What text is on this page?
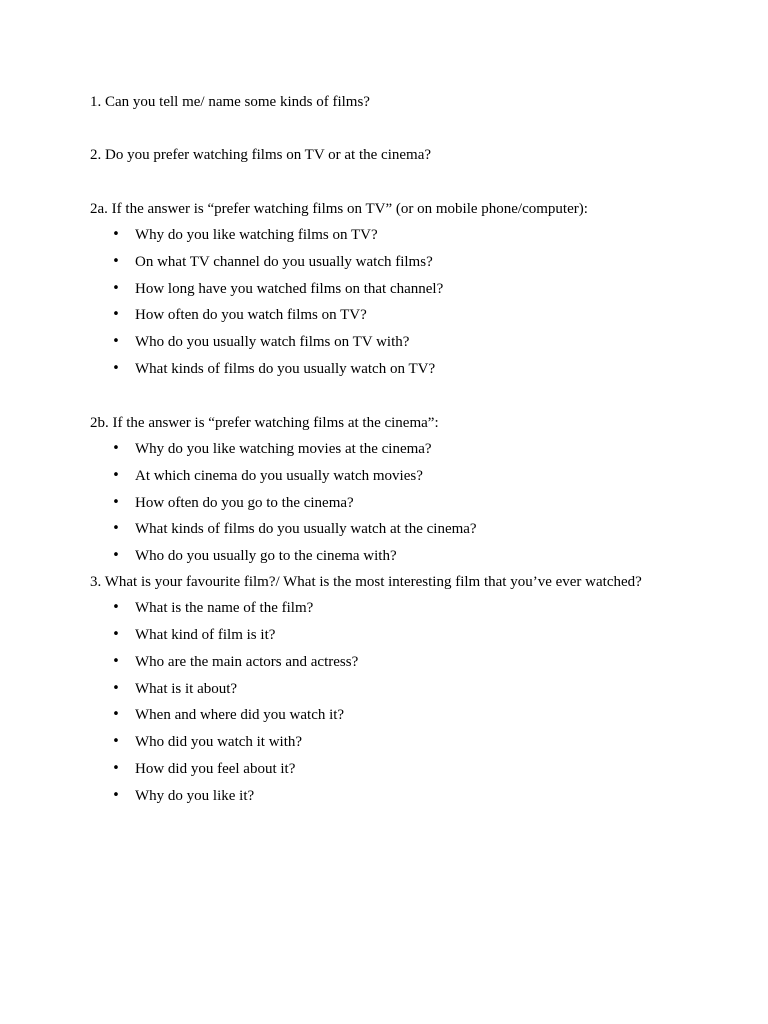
1. Can you tell me/ name some kinds of films?

2. Do you prefer watching films on TV or at the cinema?

2a. If the answer is “prefer watching films on TV” (or on mobile phone/computer):

• Why do you like watching films on TV?
• On what TV channel do you usually watch films?
• How long have you watched films on that channel?
• How often do you watch films on TV?
• Who do you usually watch films on TV with?
• What kinds of films do you usually watch on TV?

2b. If the answer is “prefer watching films at the cinema”:

• Why do you like watching movies at the cinema?
• At which cinema do you usually watch movies?
• How often do you go to the cinema?
• What kinds of films do you usually watch at the cinema?
• Who do you usually go to the cinema with?

3. What is your favourite film?/ What is the most interesting film that you’ve ever watched?

• What is the name of the film?
• What kind of film is it?
• Who are the main actors and actress?
• What is it about?
• When and where did you watch it?
• Who did you watch it with?
• How did you feel about it?
• Why do you like it?
